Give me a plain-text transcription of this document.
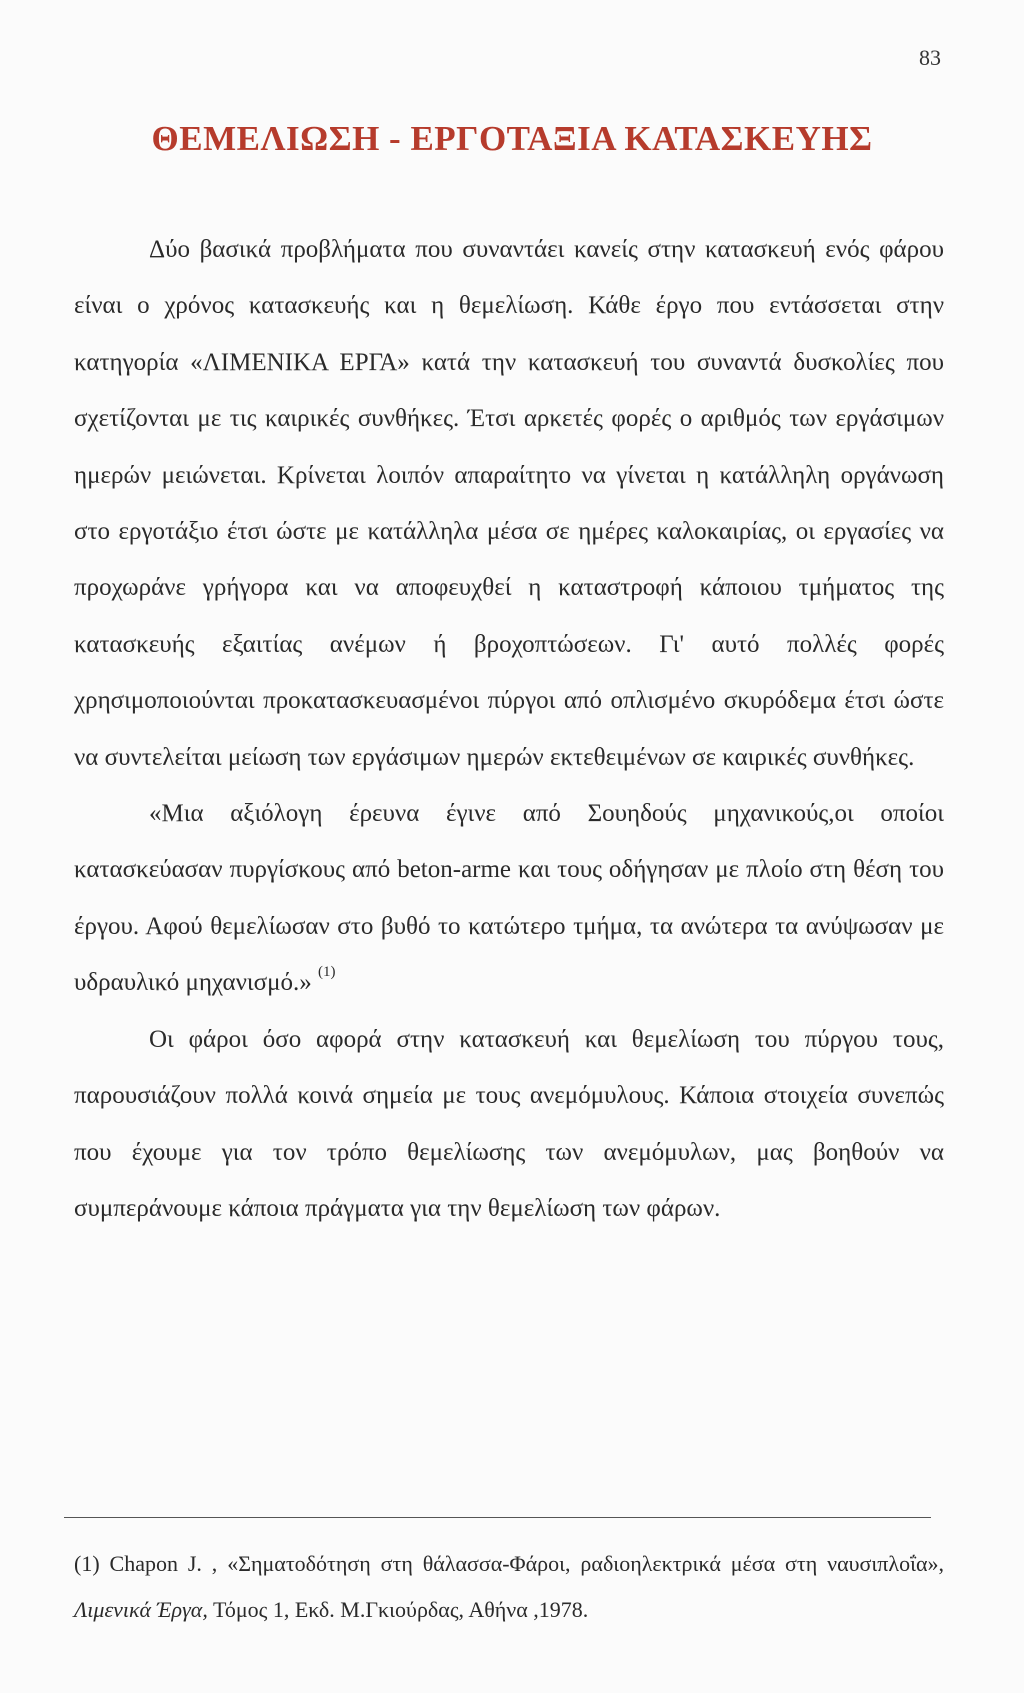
83
ΘΕΜΕΛΙΩΣΗ - ΕΡΓΟΤΑΞΙΑ ΚΑΤΑΣΚΕΥΗΣ

Δύο βασικά προβλήματα που συναντάει κανείς στην κατασκευή ενός φάρου είναι ο χρόνος κατασκευής και η θεμελίωση. Κάθε έργο που εντάσσεται στην κατηγορία «ΛΙΜΕΝΙΚΑ ΕΡΓΑ» κατά την κατασκευή του συναντά δυσκολίες που σχετίζονται με τις καιρικές συνθήκες. Έτσι αρκετές φορές ο αριθμός των εργάσιμων ημερών μειώνεται. Κρίνεται λοιπόν απαραίτητο να γίνεται η κατάλληλη οργάνωση στο εργοτάξιο έτσι ώστε με κατάλληλα μέσα σε ημέρες καλοκαιρίας, οι εργασίες να προχωράνε γρήγορα και να αποφευχθεί η καταστροφή κάποιου τμήματος της κατασκευής εξαιτίας ανέμων ή βροχοπτώσεων. Γι' αυτό πολλές φορές χρησιμοποιούνται προκατασκευασμένοι πύργοι από οπλισμένο σκυρόδεμα έτσι ώστε να συντελείται μείωση των εργάσιμων ημερών εκτεθειμένων σε καιρικές συνθήκες.

«Μια αξιόλογη έρευνα έγινε από Σουηδούς μηχανικούς,οι οποίοι κατασκεύασαν πυργίσκους από beton-arme και τους οδήγησαν με πλοίο στη θέση του έργου. Αφού θεμελίωσαν στο βυθό το κατώτερο τμήμα, τα ανώτερα τα ανύψωσαν με υδραυλικό μηχανισμό.» $^{(1)}$

Οι φάροι όσο αφορά στην κατασκευή και θεμελίωση του πύργου τους, παρουσιάζουν πολλά κοινά σημεία με τους ανεμόμυλους. Κάποια στοιχεία συνεπώς που έχουμε για τον τρόπο θεμελίωσης των ανεμόμυλων, μας βοηθούν να συμπεράνουμε κάποια πράγματα για την θεμελίωση των φάρων.

(1) Chapon J. , «Σηματοδότηση στη θάλασσα-Φάροι, ραδιοηλεκτρικά μέσα στη ναυσιπλοΐα», Λιμενικά Έργα, Τόμος 1, Εκδ. Μ.Γκιούρδας, Αθήνα ,1978.
